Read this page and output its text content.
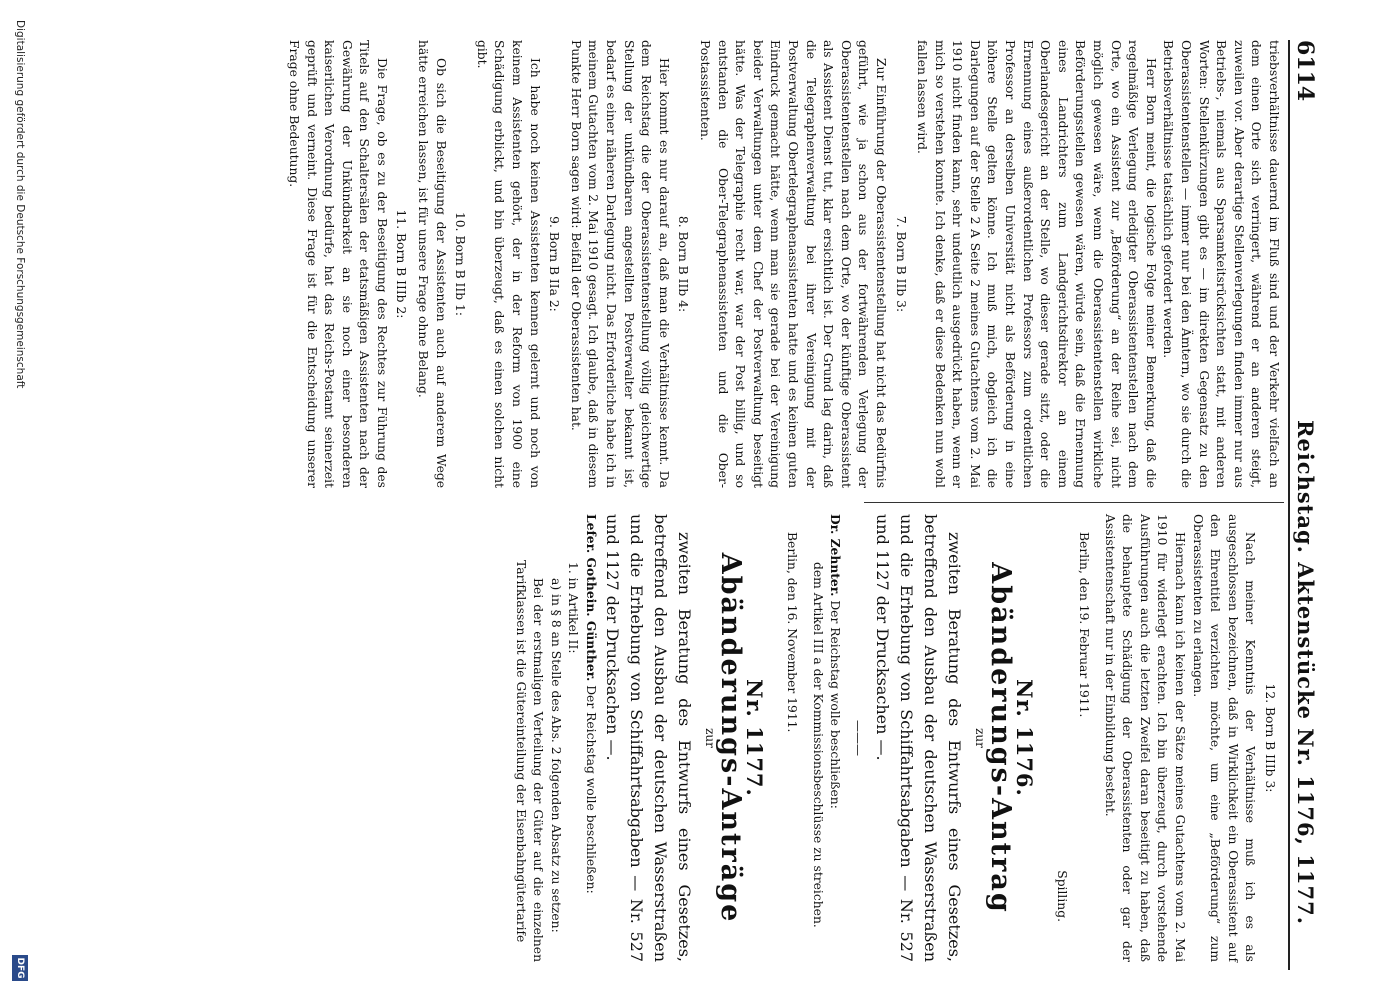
6114
Reichstag. Aktenstücke Nr. 1176, 1177.

triebsverhältnisse dauernd im Fluß sind und der Verkehr vielfach an dem einen Orte sich verringert, während er an anderen steigt, zuweilen vor. Aber derartige Stellenverlegungen finden immer nur aus Betriebs-, niemals aus Sparsamkeitsrücksichten statt, mit anderen Worten: Stellenkürzungen gibt es — im direkten Gegensatz zu den Oberassistentenstellen — immer nur bei den Ämtern, wo sie durch die Betriebsverhältnisse tatsächlich gefordert werden.

Herr Born meint, die logische Folge meiner Bemerkung, daß die regelmäßige Verlegung erledigter Oberassistentenstellen nach dem Orte, wo ein Assistent zur „Beförderung“ an der Reihe sei, nicht möglich gewesen wäre, wenn die Oberassistentenstellen wirkliche Beförderungsstellen gewesen wären, würde sein, daß die Ernennung eines Landrichters zum Landgerichtsdirektor an einem Oberlandesgericht an der Stelle, wo dieser gerade sitzt, oder die Ernennung eines außerordentlichen Professors zum ordentlichen Professor an derselben Universität nicht als Beförderung in eine höhere Stelle gelten könne. Ich muß mich, obgleich ich die Darlegungen auf der Stelle 2 A Seite 2 meines Gutachtens vom 2. Mai 1910 nicht finden kann, sehr undeutlich ausgedrückt haben, wenn er mich so verstehen konnte. Ich denke, daß er diese Bedenken nun wohl fallen lassen wird.

7. Born B IIb 3:

Zur Einführung der Oberassistentenstellung hat nicht das Bedürfnis geführt, wie ja schon aus der fortwährenden Verlegung der Oberassistentenstellen nach dem Orte, wo der künftige Oberassistent als Assistent Dienst tut, klar ersichtlich ist. Der Grund lag darin, daß die Telegraphenverwaltung bei ihrer Vereinigung mit der Postverwaltung Obertelegraphenassistenten hatte und es keinen guten Eindruck gemacht hätte, wenn man sie gerade bei der Vereinigung beider Verwaltungen unter dem Chef der Postverwaltung beseitigt hätte. Was der Telegraphie recht war, war der Post billig, und so entstanden die Ober-Telegraphenassistenten und die Ober-Postassistenten.

8. Born B IIb 4:

Hier kommt es nur darauf an, daß man die Verhältnisse kennt. Da dem Reichstag die der Oberassistentenstellung völlig gleichwertige Stellung der unkündbaren angestellten Postverwalter bekannt ist, bedarf es einer näheren Darlegung nicht. Das Erforderliche habe ich in meinem Gutachten vom 2. Mai 1910 gesagt. Ich glaube, daß in diesem Punkte Herr Born sagen wird: Beifall der Oberassistenten hat.

9. Born B IIa 2:

Ich habe noch keinen Assistenten kennen gelernt und noch von keinem Assistenten gehört, der in der Reform von 1900 eine Schädigung erblickt, und bin überzeugt, daß es einen solchen nicht gibt.

10. Born B IIb 1:

Ob sich die Beseitigung der Assistenten auch auf anderem Wege hätte erreichen lassen, ist für unsere Frage ohne Belang.

11. Born B IIIb 2:

Die Frage, ob es zu der Beseitigung des Rechtes zur Führung des Titels auf den Schaltersälen der etatsmäßigen Assistenten nach der Gewährung der Unkündbarkeit an sie noch einer besonderen kaiserlichen Verordnung bedürfe, hat das Reichs-Postamt seinerzeit geprüft und verneint. Diese Frage ist für die Entscheidung unserer Frage ohne Bedeutung.

12. Born B IIIb 3:

Nach meiner Kenntnis der Verhältnisse muß ich es als ausgeschlossen bezeichnen, daß in Wirklichkeit ein Oberassistent auf den Ehrentitel verzichten möchte, um eine „Beförderung“ zum Oberassistenten zu erlangen.

Hiernach kann ich keinen der Sätze meines Gutachtens vom 2. Mai 1910 für widerlegt erachten. Ich bin überzeugt, durch vorstehende Ausführungen auch die letzten Zweifel daran beseitigt zu haben, daß die behauptete Schädigung der Oberassistenten oder gar der Assistentenschaft nur in der Einbildung besteht.

Berlin, den 19. Februar 1911.

Spilling.

Nr. 1176.
Abänderungs-Antrag
zur

zweiten Beratung des Entwurfs eines Gesetzes, betreffend den Ausbau der deutschen Wasserstraßen und die Erhebung von Schiffahrtsabgaben — Nr. 527 und 1127 der Drucksachen —.

———

Dr. Zehnter. Der Reichstag wolle beschließen:

dem Artikel III a der Kommissionsbeschlüsse zu streichen.

Berlin, den 16. November 1911.

Nr. 1177.
Abänderungs-Anträge
zur

zweiten Beratung des Entwurfs eines Gesetzes, betreffend den Ausbau der deutschen Wasserstraßen und die Erhebung von Schiffahrtsabgaben — Nr. 527 und 1127 der Drucksachen —.

Lefer. Gothein. Günther. Der Reichstag wolle beschließen:

1. in Artikel II:

a) in § 8 an Stelle des Abs. 2 folgenden Absatz zu setzen:

Bei der erstmaligen Verteilung der Güter auf die einzelnen Tarifklassen ist die Gütereinteilung der Eisenbahngütertarife

Digitalisierung gefördert durch die Deutsche Forschungsgemeinschaft
DFG
